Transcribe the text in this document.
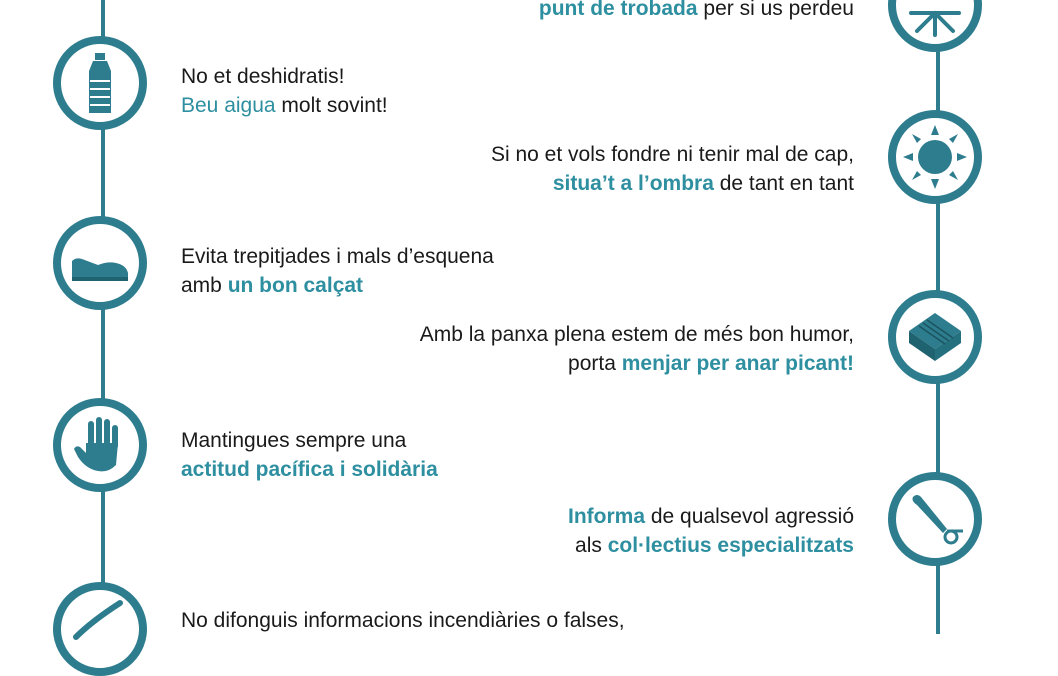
punt de trobada per si us perdeu
No et deshidratis!
Beu aigua molt sovint!
Si no et vols fondre ni tenir mal de cap,
situa’t a l’ombra de tant en tant
Evita trepitjades i mals d’esquena
amb un bon calçat
Amb la panxa plena estem de més bon humor,
porta menjar per anar picant!
Mantingues sempre una
actitud pacífica i solidària
Informa de qualsevol agressió
als col·lectius especialitzats
No difonguis informacions incendiàries o falses,
